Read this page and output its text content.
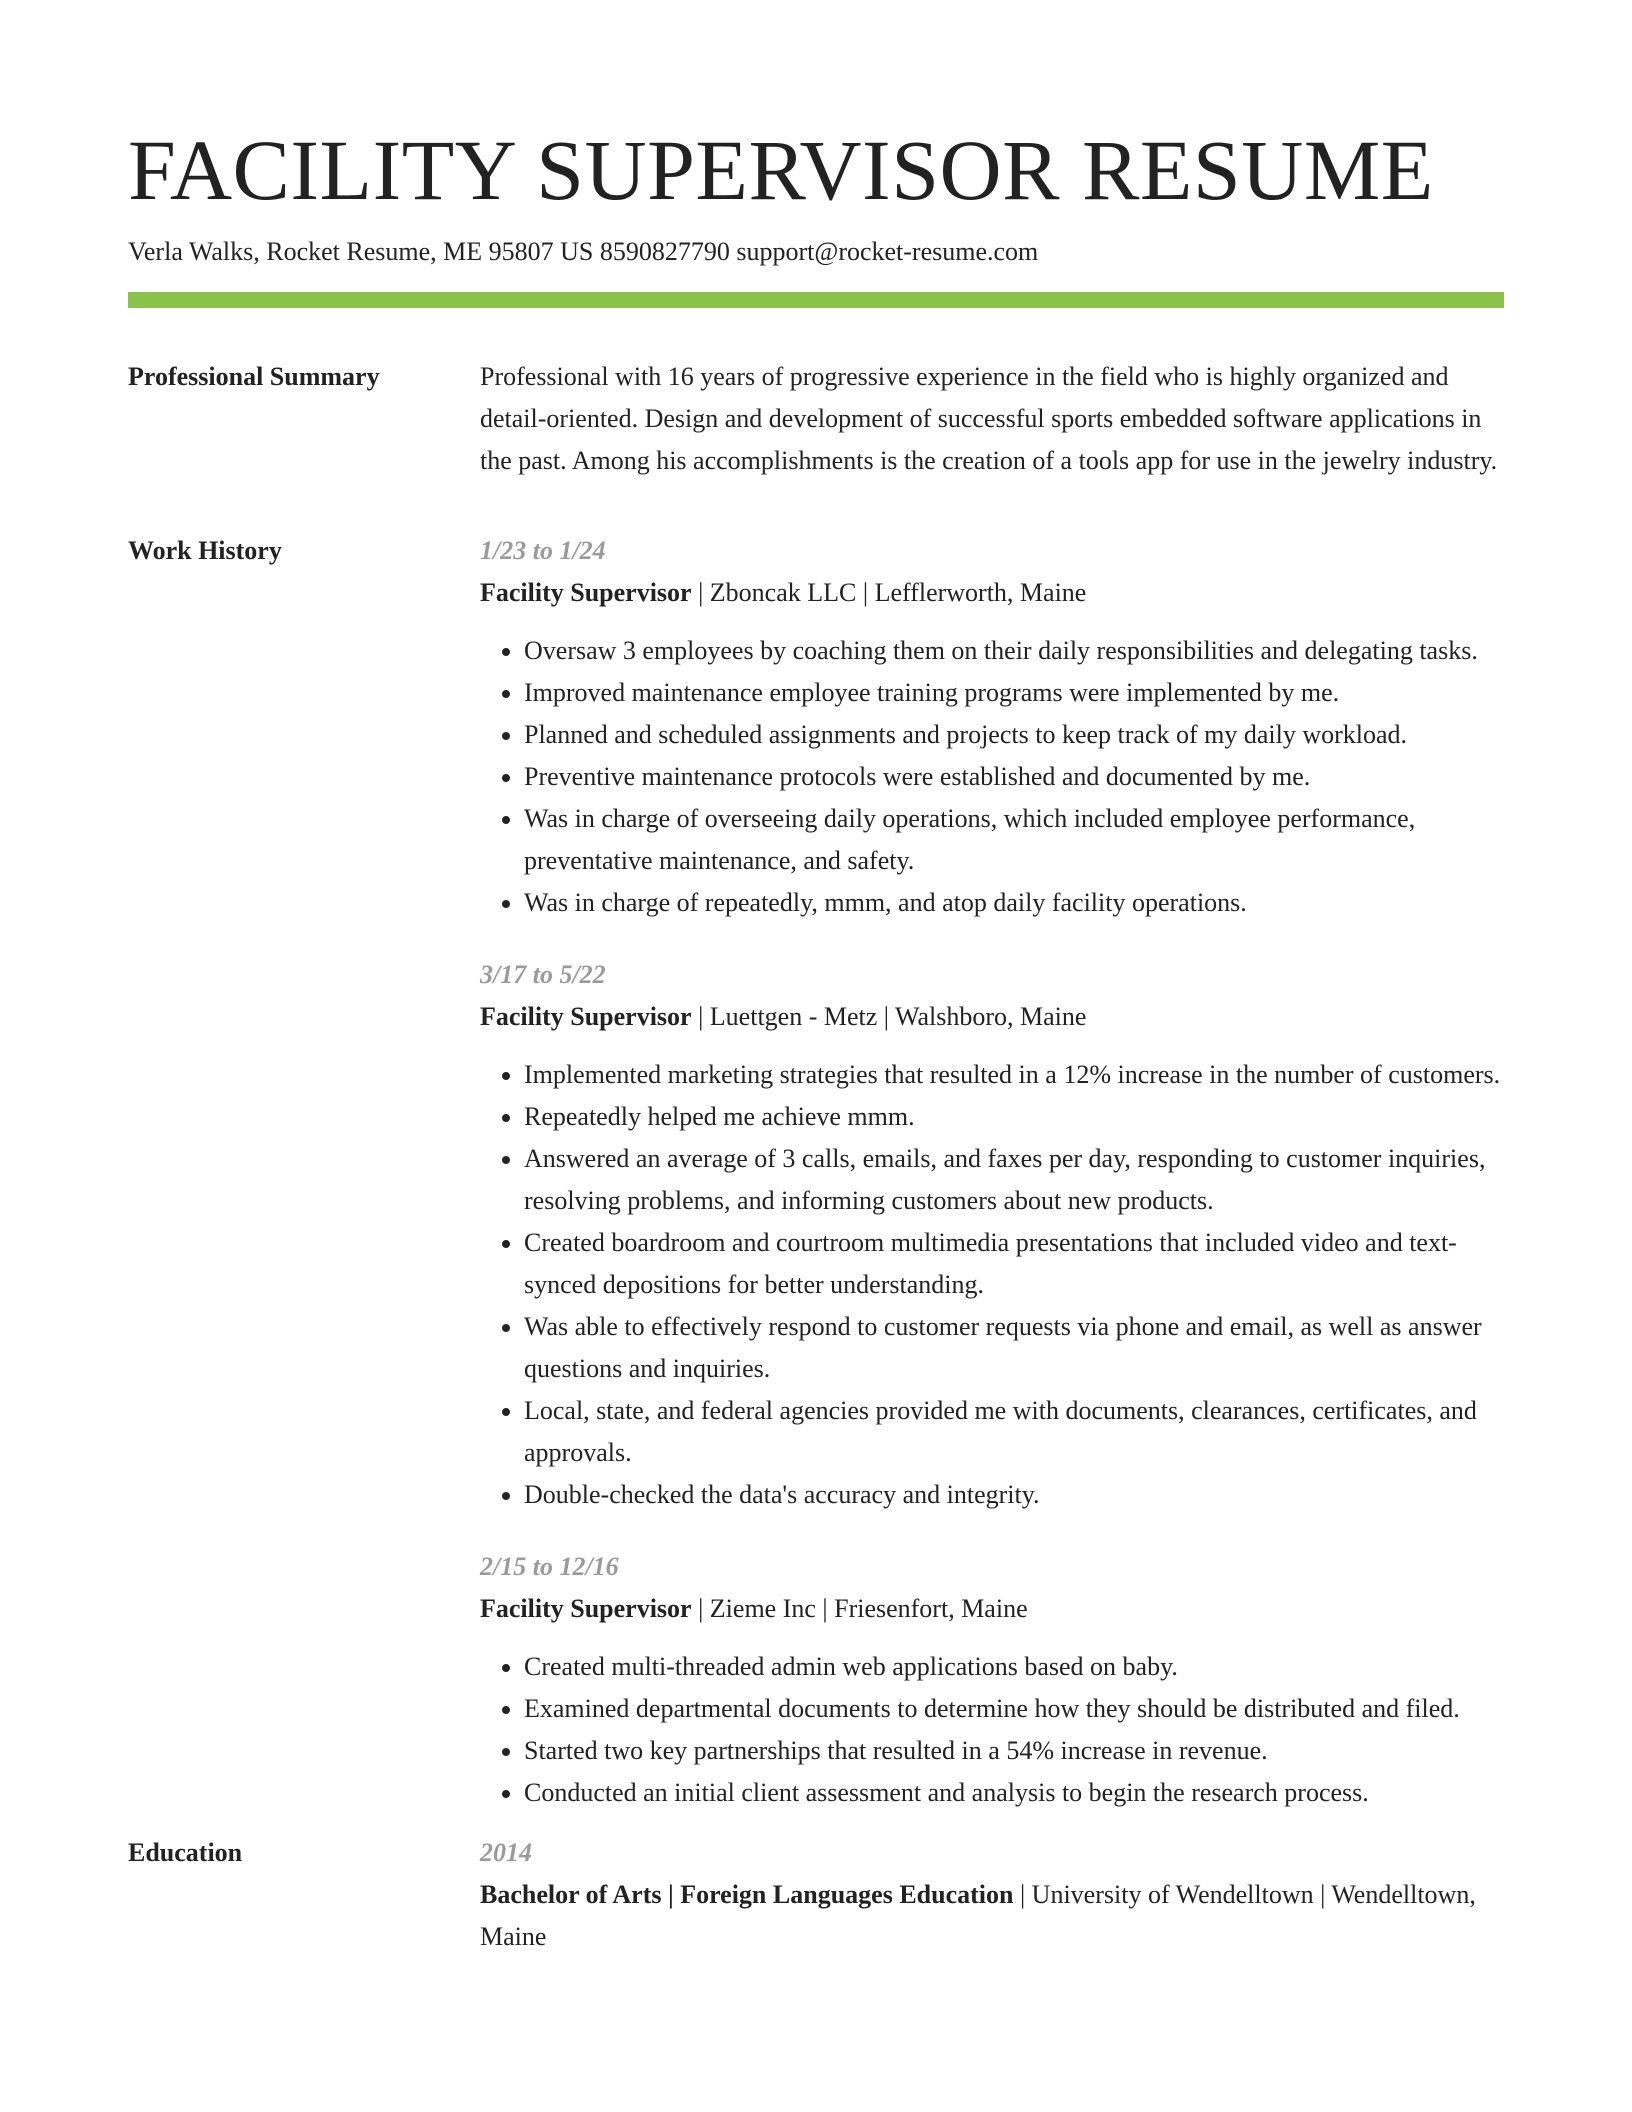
FACILITY SUPERVISOR RESUME
Verla Walks, Rocket Resume, ME 95807 US 8590827790 support@rocket-resume.com
Professional Summary	Professional with 16 years of progressive experience in the field who is highly organized and detail-oriented. Design and development of successful sports embedded software applications in the past. Among his accomplishments is the creation of a tools app for use in the jewelry industry.

Work History	1/23 to 1/24
Facility Supervisor | Zboncak LLC | Lefflerworth, Maine
• Oversaw 3 employees by coaching them on their daily responsibilities and delegating tasks.
• Improved maintenance employee training programs were implemented by me.
• Planned and scheduled assignments and projects to keep track of my daily workload.
• Preventive maintenance protocols were established and documented by me.
• Was in charge of overseeing daily operations, which included employee performance, preventative maintenance, and safety.
• Was in charge of repeatedly, mmm, and atop daily facility operations.
3/17 to 5/22
Facility Supervisor | Luettgen - Metz | Walshboro, Maine
• Implemented marketing strategies that resulted in a 12% increase in the number of customers.
• Repeatedly helped me achieve mmm.
• Answered an average of 3 calls, emails, and faxes per day, responding to customer inquiries, resolving problems, and informing customers about new products.
• Created boardroom and courtroom multimedia presentations that included video and text-synced depositions for better understanding.
• Was able to effectively respond to customer requests via phone and email, as well as answer questions and inquiries.
• Local, state, and federal agencies provided me with documents, clearances, certificates, and approvals.
• Double-checked the data's accuracy and integrity.
2/15 to 12/16
Facility Supervisor | Zieme Inc | Friesenfort, Maine
• Created multi-threaded admin web applications based on baby.
• Examined departmental documents to determine how they should be distributed and filed.
• Started two key partnerships that resulted in a 54% increase in revenue.
• Conducted an initial client assessment and analysis to begin the research process.
Education	2014
Bachelor of Arts | Foreign Languages Education | University of Wendelltown | Wendelltown, Maine
